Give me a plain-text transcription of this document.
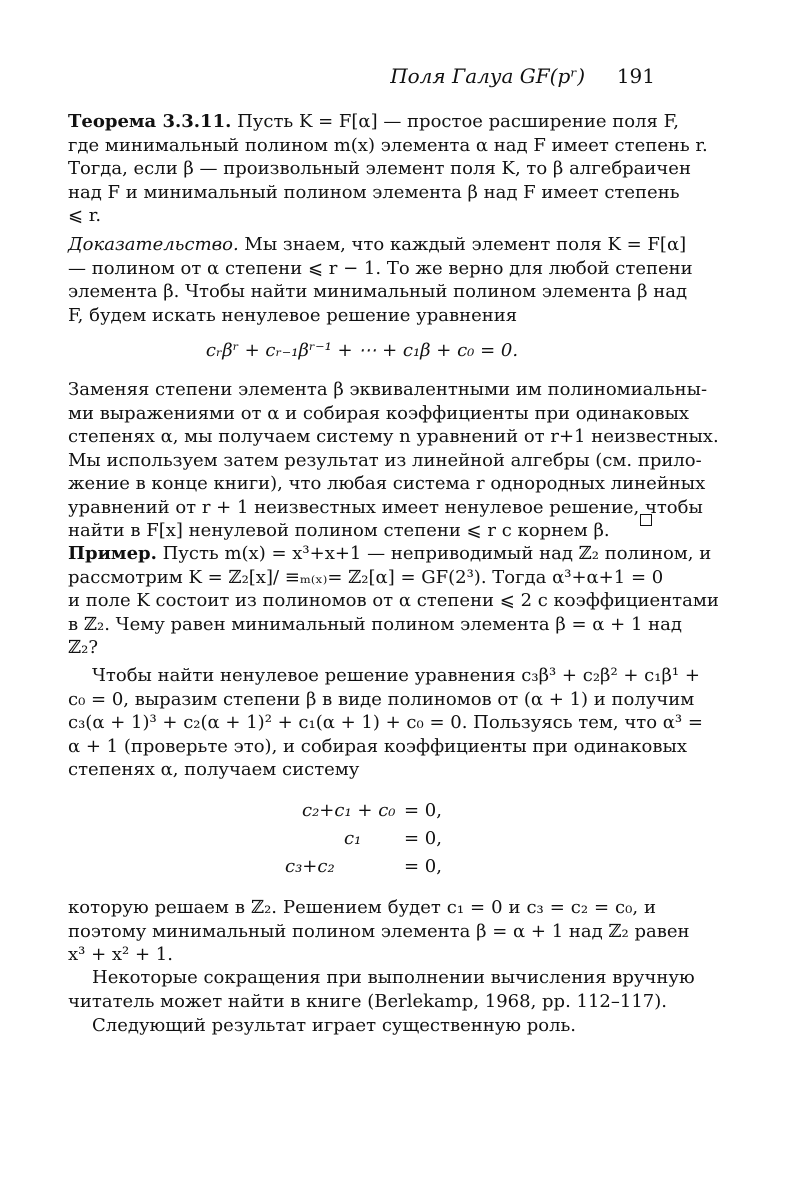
Поля Галуа GF(pʳ) 191
Теорема 3.3.11. Пусть K = F[α] — простое расширение поля F,
где минимальный полином m(x) элемента α над F имеет степень r.
Тогда, если β — произвольный элемент поля K, то β алгебраичен
над F и минимальный полином элемента β над F имеет степень
⩽ r.
Доказательство. Мы знаем, что каждый элемент поля K = F[α]
— полином от α степени ⩽ r − 1. То же верно для любой степени
элемента β. Чтобы найти минимальный полином элемента β над
F, будем искать ненулевое решение уравнения
cᵣβʳ + cᵣ₋₁βʳ⁻¹ + ⋯ + c₁β + c₀ = 0.
Заменяя степени элемента β эквивалентными им полиномиальны-
ми выражениями от α и собирая коэффициенты при одинаковых
степенях α, мы получаем систему n уравнений от r+1 неизвестных.
Мы используем затем результат из линейной алгебры (см. прило-
жение в конце книги), что любая система r однородных линейных
уравнений от r + 1 неизвестных имеет ненулевое решение, чтобы
найти в F[x] ненулевой полином степени ⩽ r с корнем β.
Пример. Пусть m(x) = x³+x+1 — неприводимый над ℤ₂ полином, и
рассмотрим K = ℤ₂[x]/ ≡ₘ₍ₓ₎= ℤ₂[α] = GF(2³). Тогда α³+α+1 = 0
и поле K состоит из полиномов от α степени ⩽ 2 с коэффициентами
в ℤ₂. Чему равен минимальный полином элемента β = α + 1 над
ℤ₂?
Чтобы найти ненулевое решение уравнения c₃β³ + c₂β² + c₁β¹ +
c₀ = 0, выразим степени β в виде полиномов от (α + 1) и получим
c₃(α + 1)³ + c₂(α + 1)² + c₁(α + 1) + c₀ = 0. Пользуясь тем, что α³ =
α + 1 (проверьте это), и собирая коэффициенты при одинаковых
степенях α, получаем систему
c₂+c₁ + c₀ = 0,
c₁ = 0,
c₃+c₂	= 0,
которую решаем в ℤ₂. Решением будет c₁ = 0 и c₃ = c₂ = c₀, и
поэтому минимальный полином элемента β = α + 1 над ℤ₂ равен
x³ + x² + 1.
Некоторые сокращения при выполнении вычисления вручную
читатель может найти в книге (Berlekamp, 1968, pp. 112–117).
Следующий результат играет существенную роль.
